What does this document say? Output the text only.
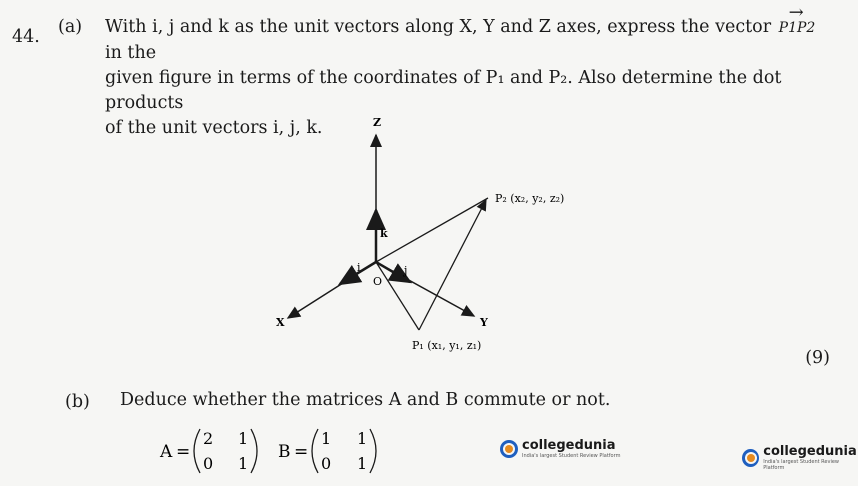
44. (a) With i, j and k as the unit vectors along X, Y and Z axes, express the vector
→
P1P2 in the
given figure in terms of the coordinates of P₁ and P₂. Also determine the dot products
of the unit vectors i, j, k.	Z
X	Y
O
i	j
k
P₂ (x₂, y₂, z₂)
P₁ (x₁, y₁, z₁)
(9)
(b) Deduce whether the matrices A and B commute or not.
A =
2 1
0 1
B =
1 1
0 1
collegedunia
India's largest Student Review Platform	collegedunia
India's largest Student Review Platform
